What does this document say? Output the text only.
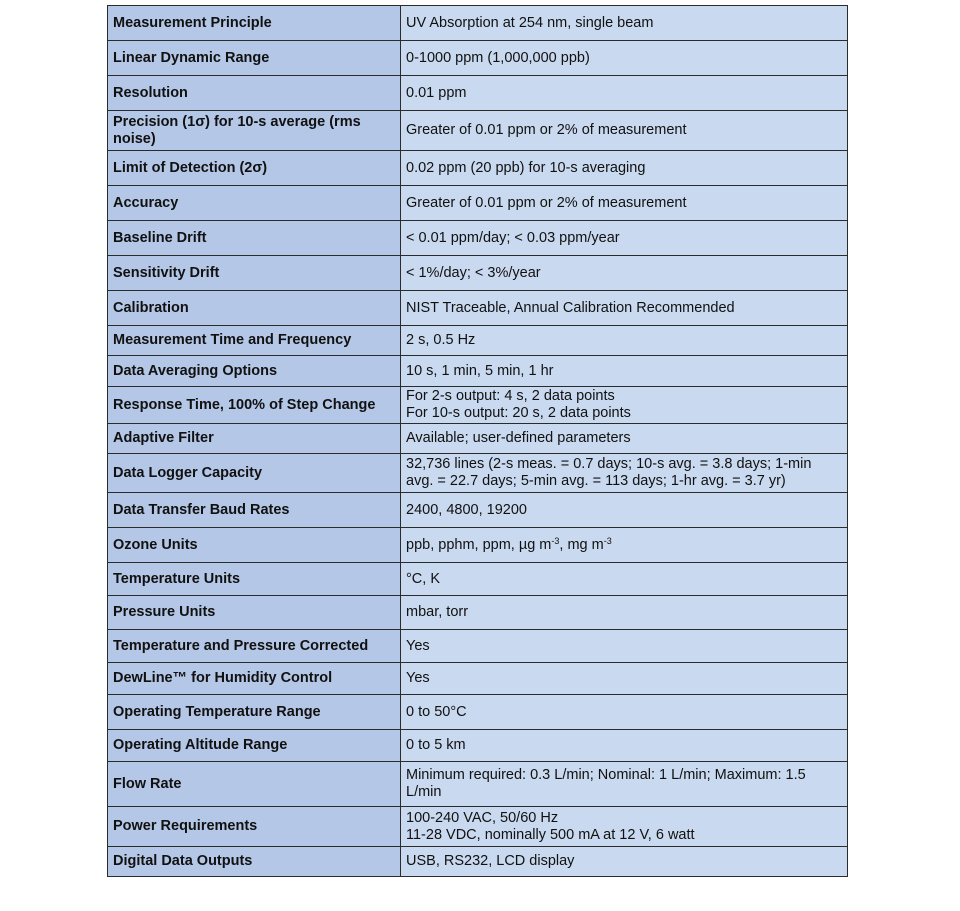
Measurement Principle	UV Absorption at 254 nm, single beam

Linear Dynamic Range	0-1000 ppm (1,000,000 ppb)

Resolution	0.01 ppm

Precision (1σ) for 10-s average (rms noise)	Greater of 0.01 ppm or 2% of measurement

Limit of Detection (2σ)	0.02 ppm (20 ppb) for 10-s averaging

Accuracy	Greater of 0.01 ppm or 2% of measurement

Baseline Drift	< 0.01 ppm/day; < 0.03 ppm/year

Sensitivity Drift	< 1%/day; < 3%/year

Calibration	NIST Traceable, Annual Calibration Recommended

Measurement Time and Frequency	2 s, 0.5 Hz

Data Averaging Options	10 s, 1 min, 5 min, 1 hr

Response Time, 100% of Step Change	For 2-s output: 4 s, 2 data points
For 10-s output: 20 s, 2 data points

Adaptive Filter	Available; user-defined parameters

Data Logger Capacity	32,736 lines (2-s meas. = 0.7 days; 10-s avg. = 3.8 days; 1-min avg. = 22.7 days; 5-min avg. = 113 days; 1-hr avg. = 3.7 yr)

Data Transfer Baud Rates	2400, 4800, 19200

Ozone Units	ppb, pphm, ppm, µg $m^{-3}$, mg $m^{-3}$

Temperature Units	°C, K

Pressure Units	mbar, torr

Temperature and Pressure Corrected	Yes

DewLine™ for Humidity Control	Yes

Operating Temperature Range	0 to 50°C

Operating Altitude Range	0 to 5 km

Flow Rate	Minimum required: 0.3 L/min; Nominal: 1 L/min; Maximum: 1.5 L/min

Power Requirements	100-240 VAC, 50/60 Hz
11-28 VDC, nominally 500 mA at 12 V, 6 watt

Digital Data Outputs	USB, RS232, LCD display
